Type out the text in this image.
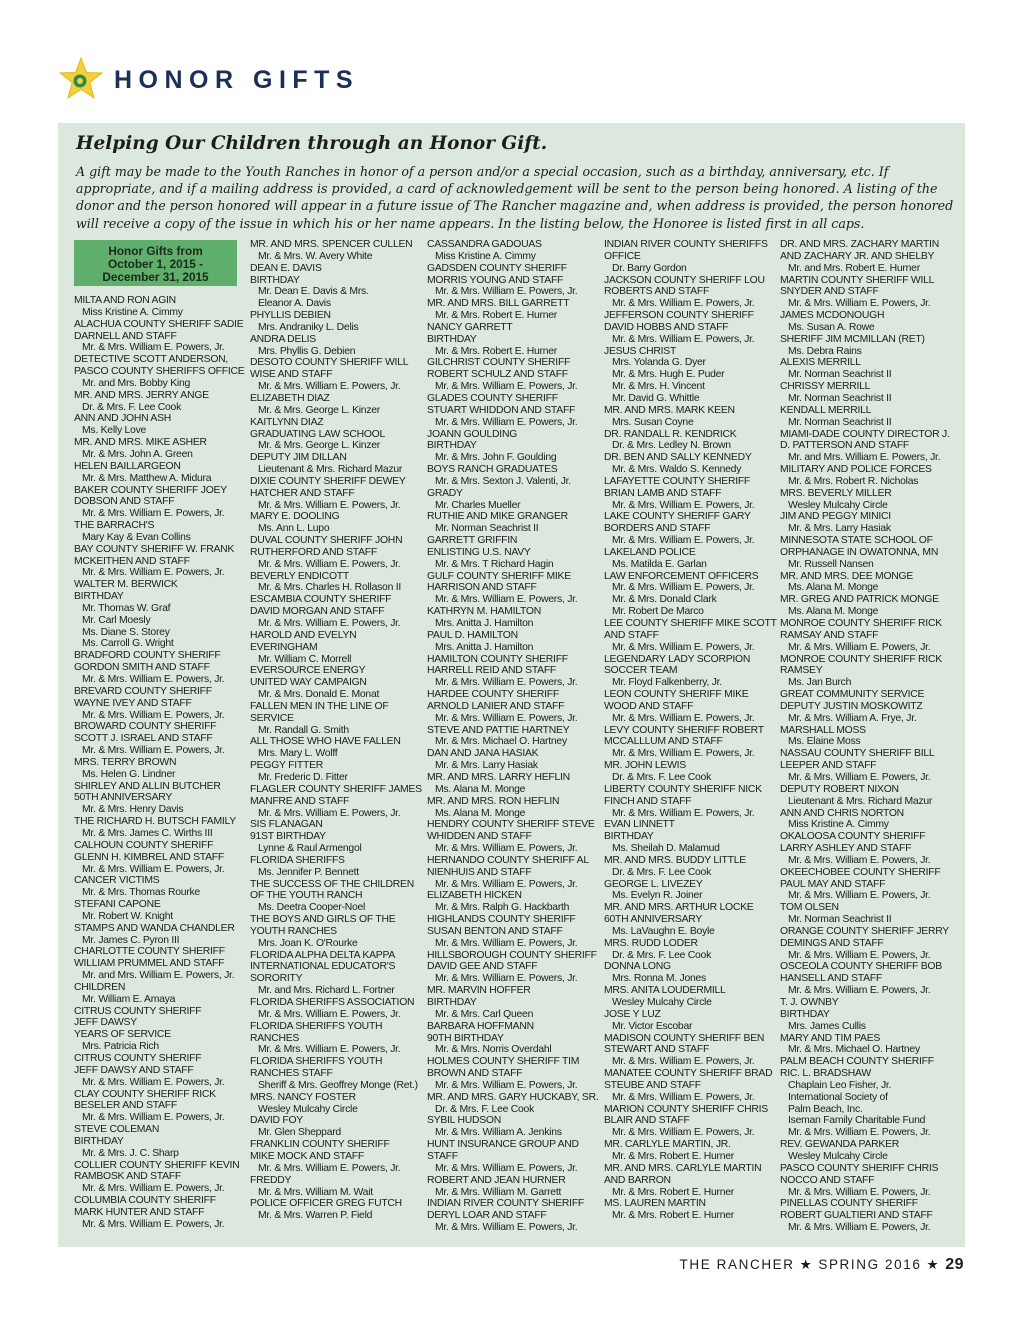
HONOR GIFTS
Helping Our Children through an Honor Gift.

A gift may be made to the Youth Ranches in honor of a person and/or a special occasion, such as a birthday, anniversary, etc. If appropriate, and if a mailing address is provided, a card of acknowledgement will be sent to the person being honored. A listing of the donor and the person honored will appear in a future issue of The Rancher magazine and, when address is provided, the person honored will receive a copy of the issue in which his or her name appears. In the listing below, the Honoree is listed first in all caps.

Honor Gifts from
October 1, 2015 -
December 31, 2015
MILTA AND RON AGIN
Miss Kristine A. Cimmy
ALACHUA COUNTY SHERIFF SADIE
DARNELL AND STAFF
Mr. & Mrs. William E. Powers, Jr.
DETECTIVE SCOTT ANDERSON,
PASCO COUNTY SHERIFFS OFFICE
Mr. and Mrs. Bobby King
MR. AND MRS. JERRY ANGE
Dr. & Mrs. F. Lee Cook
ANN AND JOHN ASH
Ms. Kelly Love
MR. AND MRS. MIKE ASHER
Mr. & Mrs. John A. Green
HELEN BAILLARGEON
Mr. & Mrs. Matthew A. Midura
BAKER COUNTY SHERIFF JOEY
DOBSON AND STAFF
Mr. & Mrs. William E. Powers, Jr.
THE BARRACH'S
Mary Kay & Evan Collins
BAY COUNTY SHERIFF W. FRANK
MCKEITHEN AND STAFF
Mr. & Mrs. William E. Powers, Jr.
WALTER M. BERWICK
BIRTHDAY
Mr. Thomas W. Graf
Mr. Carl Moesly
Ms. Diane S. Storey
Ms. Carroll G. Wright
BRADFORD COUNTY SHERIFF
GORDON SMITH AND STAFF
Mr. & Mrs. William E. Powers, Jr.
BREVARD COUNTY SHERIFF
WAYNE IVEY AND STAFF
Mr. & Mrs. William E. Powers, Jr.
BROWARD COUNTY SHERIFF
SCOTT J. ISRAEL AND STAFF
Mr. & Mrs. William E. Powers, Jr.
MRS. TERRY BROWN
Ms. Helen G. Lindner
SHIRLEY AND ALLIN BUTCHER
50TH ANNIVERSARY
Mr. & Mrs. Henry Davis
THE RICHARD H. BUTSCH FAMILY
Mr. & Mrs. James C. Wirths III
CALHOUN COUNTY SHERIFF
GLENN H. KIMBREL AND STAFF
Mr. & Mrs. William E. Powers, Jr.
CANCER VICTIMS
Mr. & Mrs. Thomas Rourke
STEFANI CAPONE
Mr. Robert W. Knight
STAMPS AND WANDA CHANDLER
Mr. James C. Pyron III
CHARLOTTE COUNTY SHERIFF
WILLIAM PRUMMEL AND STAFF
Mr. and Mrs. William E. Powers, Jr.
CHILDREN
Mr. William E. Amaya
CITRUS COUNTY SHERIFF
JEFF DAWSY
YEARS OF SERVICE
Mrs. Patricia Rich
CITRUS COUNTY SHERIFF
JEFF DAWSY AND STAFF
Mr. & Mrs. William E. Powers, Jr.
CLAY COUNTY SHERIFF RICK
BESELER AND STAFF
Mr. & Mrs. William E. Powers, Jr.
STEVE COLEMAN
BIRTHDAY
Mr. & Mrs. J. C. Sharp
COLLIER COUNTY SHERIFF KEVIN
RAMBOSK AND STAFF
Mr. & Mrs. William E. Powers, Jr.
COLUMBIA COUNTY SHERIFF
MARK HUNTER AND STAFF
Mr. & Mrs. William E. Powers, Jr.
MR. AND MRS. SPENCER CULLEN
Mr. & Mrs. W. Avery White
DEAN E. DAVIS
BIRTHDAY
Mr. Dean E. Davis & Mrs.
Eleanor A. Davis
PHYLLIS DEBIEN
Mrs. Andraniky L. Delis
ANDRA DELIS
Mrs. Phyllis G. Debien
DESOTO COUNTY SHERIFF WILL
WISE AND STAFF
Mr. & Mrs. William E. Powers, Jr.
ELIZABETH DIAZ
Mr. & Mrs. George L. Kinzer
KAITLYNN DIAZ
GRADUATING LAW SCHOOL
Mr. & Mrs. George L. Kinzer
DEPUTY JIM DILLAN
Lieutenant & Mrs. Richard Mazur
DIXIE COUNTY SHERIFF DEWEY
HATCHER AND STAFF
Mr. & Mrs. William E. Powers, Jr.
MARY E. DOOLING
Ms. Ann L. Lupo
DUVAL COUNTY SHERIFF JOHN
RUTHERFORD AND STAFF
Mr. & Mrs. William E. Powers, Jr.
BEVERLY ENDICOTT
Mr. & Mrs. Charles H. Rollason II
ESCAMBIA COUNTY SHERIFF
DAVID MORGAN AND STAFF
Mr. & Mrs. William E. Powers, Jr.
HAROLD AND EVELYN
EVERINGHAM
Mr. William C. Morrell
EVERSOURCE ENERGY
UNITED WAY CAMPAIGN
Mr. & Mrs. Donald E. Monat
FALLEN MEN IN THE LINE OF
SERVICE
Mr. Randall G. Smith
ALL THOSE WHO HAVE FALLEN
Mrs. Mary L. Wolff
PEGGY FITTER
Mr. Frederic D. Fitter
FLAGLER COUNTY SHERIFF JAMES
MANFRE AND STAFF
Mr. & Mrs. William E. Powers, Jr.
SIS FLANAGAN
91ST BIRTHDAY
Lynne & Raul Armengol
FLORIDA SHERIFFS
Ms. Jennifer P. Bennett
THE SUCCESS OF THE CHILDREN
OF THE YOUTH RANCH
Ms. Deetra Cooper-Noel
THE BOYS AND GIRLS OF THE
YOUTH RANCHES
Mrs. Joan K. O'Rourke
FLORIDA ALPHA DELTA KAPPA
INTERNATIONAL EDUCATOR'S
SORORITY
Mr. and Mrs. Richard L. Fortner
FLORIDA SHERIFFS ASSOCIATION
Mr. & Mrs. William E. Powers, Jr.
FLORIDA SHERIFFS YOUTH
RANCHES
Mr. & Mrs. William E. Powers, Jr.
FLORIDA SHERIFFS YOUTH
RANCHES STAFF
Sheriff & Mrs. Geoffrey Monge (Ret.)
MRS. NANCY FOSTER
Wesley Mulcahy Circle
DAVID FOY
Mr. Glen Sheppard
FRANKLIN COUNTY SHERIFF
MIKE MOCK AND STAFF
Mr. & Mrs. William E. Powers, Jr.
FREDDY
Mr. & Mrs. William M. Wait
POLICE OFFICER GREG FUTCH
Mr. & Mrs. Warren P. Field
CASSANDRA GADOUAS
Miss Kristine A. Cimmy
GADSDEN COUNTY SHERIFF
MORRIS YOUNG AND STAFF
Mr. & Mrs. William E. Powers, Jr.
MR. AND MRS. BILL GARRETT
Mr. & Mrs. Robert E. Hurner
NANCY GARRETT
BIRTHDAY
Mr. & Mrs. Robert E. Hurner
GILCHRIST COUNTY SHERIFF
ROBERT SCHULZ AND STAFF
Mr. & Mrs. William E. Powers, Jr.
GLADES COUNTY SHERIFF
STUART WHIDDON AND STAFF
Mr. & Mrs. William E. Powers, Jr.
JOANN GOULDING
BIRTHDAY
Mr. & Mrs. John F. Goulding
BOYS RANCH GRADUATES
Mr. & Mrs. Sexton J. Valenti, Jr.
GRADY
Mr. Charles Mueller
RUTHIE AND MIKE GRANGER
Mr. Norman Seachrist II
GARRETT GRIFFIN
ENLISTING U.S. NAVY
Mr. & Mrs. T Richard Hagin
GULF COUNTY SHERIFF MIKE
HARRISON AND STAFF
Mr. & Mrs. William E. Powers, Jr.
KATHRYN M. HAMILTON
Mrs. Anitta J. Hamilton
PAUL D. HAMILTON
Mrs. Anitta J. Hamilton
HAMILTON COUNTY SHERIFF
HARRELL REID AND STAFF
Mr. & Mrs. William E. Powers, Jr.
HARDEE COUNTY SHERIFF
ARNOLD LANIER AND STAFF
Mr. & Mrs. William E. Powers, Jr.
STEVE AND PATTIE HARTNEY
Mr. & Mrs. Michael O. Hartney
DAN AND JANA HASIAK
Mr. & Mrs. Larry Hasiak
MR. AND MRS. LARRY HEFLIN
Ms. Alana M. Monge
MR. AND MRS. RON HEFLIN
Ms. Alana M. Monge
HENDRY COUNTY SHERIFF STEVE
WHIDDEN AND STAFF
Mr. & Mrs. William E. Powers, Jr.
HERNANDO COUNTY SHERIFF AL
NIENHUIS AND STAFF
Mr. & Mrs. William E. Powers, Jr.
ELIZABETH HICKEN
Mr. & Mrs. Ralph G. Hackbarth
HIGHLANDS COUNTY SHERIFF
SUSAN BENTON AND STAFF
Mr. & Mrs. William E. Powers, Jr.
HILLSBOROUGH COUNTY SHERIFF
DAVID GEE AND STAFF
Mr. & Mrs. William E. Powers, Jr.
MR. MARVIN HOFFER
BIRTHDAY
Mr. & Mrs. Carl Queen
BARBARA HOFFMANN
90TH BIRTHDAY
Mr. & Mrs. Norris Overdahl
HOLMES COUNTY SHERIFF TIM
BROWN AND STAFF
Mr. & Mrs. William E. Powers, Jr.
MR. AND MRS. GARY HUCKABY, SR.
Dr. & Mrs. F. Lee Cook
SYBIL HUDSON
Mr. & Mrs. William A. Jenkins
HUNT INSURANCE GROUP AND
STAFF
Mr. & Mrs. William E. Powers, Jr.
ROBERT AND JEAN HURNER
Mr. & Mrs. William M. Garrett
INDIAN RIVER COUNTY SHERIFF
DERYL LOAR AND STAFF
Mr. & Mrs. William E. Powers, Jr.
INDIAN RIVER COUNTY SHERIFFS
OFFICE
Dr. Barry Gordon
JACKSON COUNTY SHERIFF LOU
ROBERTS AND STAFF
Mr. & Mrs. William E. Powers, Jr.
JEFFERSON COUNTY SHERIFF
DAVID HOBBS AND STAFF
Mr. & Mrs. William E. Powers, Jr.
JESUS CHRIST
Mrs. Yolanda G. Dyer
Mr. & Mrs. Hugh E. Puder
Mr. & Mrs. H. Vincent
Mr. David G. Whittle
MR. AND MRS. MARK KEEN
Mrs. Susan Coyne
DR. RANDALL R. KENDRICK
Dr. & Mrs. Ledley N. Brown
DR. BEN AND SALLY KENNEDY
Mr. & Mrs. Waldo S. Kennedy
LAFAYETTE COUNTY SHERIFF
BRIAN LAMB AND STAFF
Mr. & Mrs. William E. Powers, Jr.
LAKE COUNTY SHERIFF GARY
BORDERS AND STAFF
Mr. & Mrs. William E. Powers, Jr.
LAKELAND POLICE
Ms. Matilda E. Garlan
LAW ENFORCEMENT OFFICERS
Mr. & Mrs. William E. Powers, Jr.
Mr. & Mrs. Donald Clark
Mr. Robert De Marco
LEE COUNTY SHERIFF MIKE SCOTT
AND STAFF
Mr. & Mrs. William E. Powers, Jr.
LEGENDARY LADY SCORPION
SOCCER TEAM
Mr. Floyd Falkenberry, Jr.
LEON COUNTY SHERIFF MIKE
WOOD AND STAFF
Mr. & Mrs. William E. Powers, Jr.
LEVY COUNTY SHERIFF ROBERT
MCCALLLUM AND STAFF
Mr. & Mrs. William E. Powers, Jr.
MR. JOHN LEWIS
Dr. & Mrs. F. Lee Cook
LIBERTY COUNTY SHERIFF NICK
FINCH AND STAFF
Mr. & Mrs. William E. Powers, Jr.
EVAN LINNETT
BIRTHDAY
Ms. Sheilah D. Malamud
MR. AND MRS. BUDDY LITTLE
Dr. & Mrs. F. Lee Cook
GEORGE L. LIVEZEY
Ms. Evelyn R. Joiner
MR. AND MRS. ARTHUR LOCKE
60TH ANNIVERSARY
Ms. LaVaughn E. Boyle
MRS. RUDD LODER
Dr. & Mrs. F. Lee Cook
DONNA LONG
Mrs. Ronna M. Jones
MRS. ANITA LOUDERMILL
Wesley Mulcahy Circle
JOSE Y LUZ
Mr. Victor Escobar
MADISON COUNTY SHERIFF BEN
STEWART AND STAFF
Mr. & Mrs. William E. Powers, Jr.
MANATEE COUNTY SHERIFF BRAD
STEUBE AND STAFF
Mr. & Mrs. William E. Powers, Jr.
MARION COUNTY SHERIFF CHRIS
BLAIR AND STAFF
Mr. & Mrs. William E. Powers, Jr.
MR. CARLYLE MARTIN, JR.
Mr. & Mrs. Robert E. Hurner
MR. AND MRS. CARLYLE MARTIN
AND BARRON
Mr. & Mrs. Robert E. Hurner
MS. LAUREN MARTIN
Mr. & Mrs. Robert E. Hurner
DR. AND MRS. ZACHARY MARTIN
AND ZACHARY JR. AND SHELBY
Mr. and Mrs. Robert E. Hurner
MARTIN COUNTY SHERIFF WILL
SNYDER AND STAFF
Mr. & Mrs. William E. Powers, Jr.
JAMES MCDONOUGH
Ms. Susan A. Rowe
SHERIFF JIM MCMILLAN (RET)
Ms. Debra Rains
ALEXIS MERRILL
Mr. Norman Seachrist II
CHRISSY MERRILL
Mr. Norman Seachrist II
KENDALL MERRILL
Mr. Norman Seachrist II
MIAMI-DADE COUNTY DIRECTOR J.
D. PATTERSON AND STAFF
Mr. and Mrs. William E. Powers, Jr.
MILITARY AND POLICE FORCES
Mr. & Mrs. Robert R. Nicholas
MRS. BEVERLY MILLER
Wesley Mulcahy Circle
JIM AND PEGGY MINICI
Mr. & Mrs. Larry Hasiak
MINNESOTA STATE SCHOOL OF
ORPHANAGE IN OWATONNA, MN
Mr. Russell Nansen
MR. AND MRS. DEE MONGE
Ms. Alana M. Monge
MR. GREG AND PATRICK MONGE
Ms. Alana M. Monge
MONROE COUNTY SHERIFF RICK
RAMSAY AND STAFF
Mr. & Mrs. William E. Powers, Jr.
MONROE COUNTY SHERIFF RICK
RAMSEY
Ms. Jan Burch
GREAT COMMUNITY SERVICE
DEPUTY JUSTIN MOSKOWITZ
Mr. & Mrs. William A. Frye, Jr.
MARSHALL MOSS
Ms. Elaine Moss
NASSAU COUNTY SHERIFF BILL
LEEPER AND STAFF
Mr. & Mrs. William E. Powers, Jr.
DEPUTY ROBERT NIXON
Lieutenant & Mrs. Richard Mazur
ANN AND CHRIS NORTON
Miss Kristine A. Cimmy
OKALOOSA COUNTY SHERIFF
LARRY ASHLEY AND STAFF
Mr. & Mrs. William E. Powers, Jr.
OKEECHOBEE COUNTY SHERIFF
PAUL MAY AND STAFF
Mr. & Mrs. William E. Powers, Jr.
TOM OLSEN
Mr. Norman Seachrist II
ORANGE COUNTY SHERIFF JERRY
DEMINGS AND STAFF
Mr. & Mrs. William E. Powers, Jr.
OSCEOLA COUNTY SHERIFF BOB
HANSELL AND STAFF
Mr. & Mrs. William E. Powers, Jr.
T. J. OWNBY
BIRTHDAY
Mrs. James Cullis
MARY AND TIM PAES
Mr. & Mrs. Michael O. Hartney
PALM BEACH COUNTY SHERIFF
RIC. L. BRADSHAW
Chaplain Leo Fisher, Jr.
International Society of
Palm Beach, Inc.
Iseman Family Charitable Fund
Mr. & Mrs. William E. Powers, Jr.
REV. GEWANDA PARKER
Wesley Mulcahy Circle
PASCO COUNTY SHERIFF CHRIS
NOCCO AND STAFF
Mr. & Mrs. William E. Powers, Jr.
PINELLAS COUNTY SHERIFF
ROBERT GUALTIERI AND STAFF
Mr. & Mrs. William E. Powers, Jr.
THE RANCHER ★ SPRING 2016 ★ 29
